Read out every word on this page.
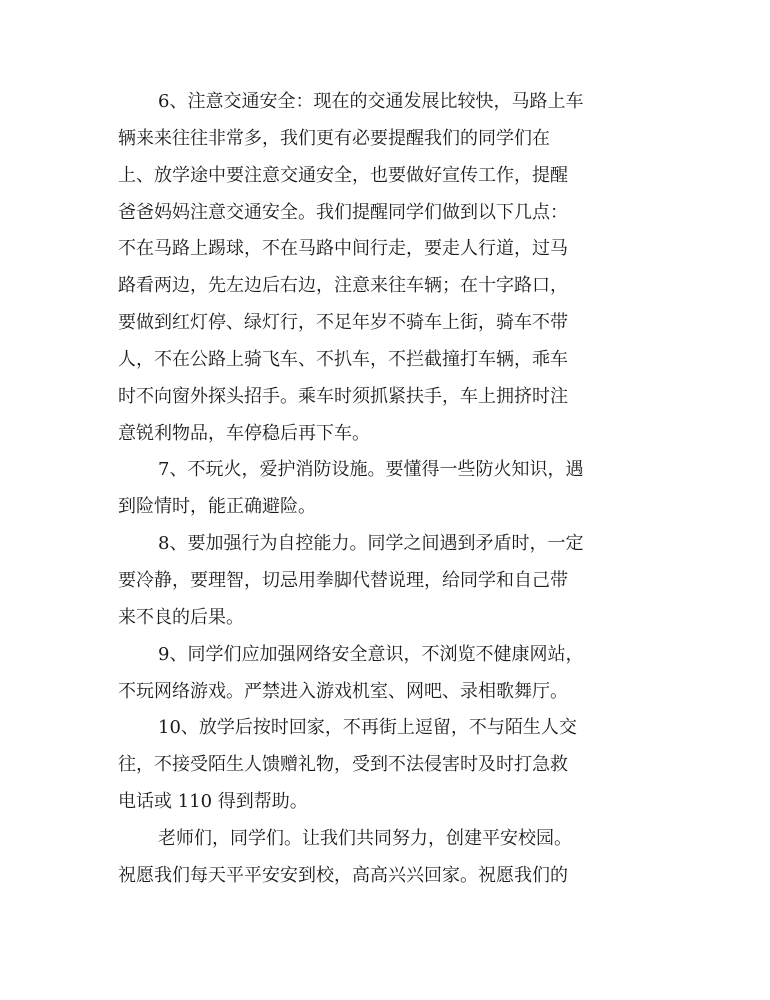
6、注意交通安全：现在的交通发展比较快，马路上车
辆来来往往非常多，我们更有必要提醒我们的同学们在
上、放学途中要注意交通安全，也要做好宣传工作，提醒
爸爸妈妈注意交通安全。我们提醒同学们做到以下几点：
不在马路上踢球，不在马路中间行走，要走人行道，过马
路看两边，先左边后右边，注意来往车辆；在十字路口，
要做到红灯停、绿灯行，不足年岁不骑车上街，骑车不带
人，不在公路上骑飞车、不扒车，不拦截撞打车辆，乖车
时不向窗外探头招手。乘车时须抓紧扶手，车上拥挤时注
意锐利物品，车停稳后再下车。
7、不玩火，爱护消防设施。要懂得一些防火知识，遇
到险情时，能正确避险。
8、要加强行为自控能力。同学之间遇到矛盾时，一定
要冷静，要理智，切忌用拳脚代替说理，给同学和自己带
来不良的后果。
9、同学们应加强网络安全意识，不浏览不健康网站，
不玩网络游戏。严禁进入游戏机室、网吧、录相歌舞厅。
10、放学后按时回家，不再街上逗留，不与陌生人交
往，不接受陌生人馈赠礼物，受到不法侵害时及时打急救
电话或 110 得到帮助。
老师们，同学们。让我们共同努力，创建平安校园。
祝愿我们每天平平安安到校，高高兴兴回家。祝愿我们的
